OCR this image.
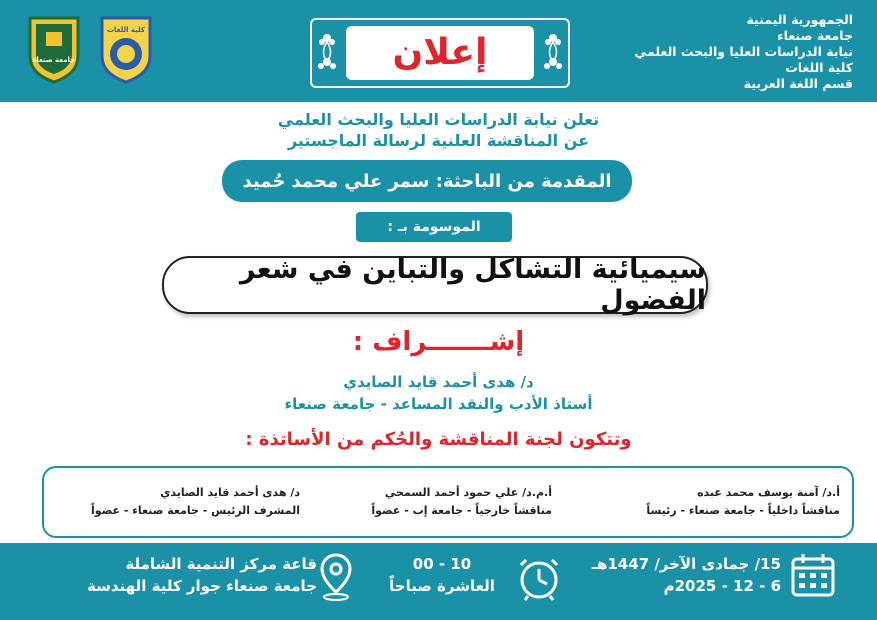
الجمهورية اليمنية
جامعة صنعاء
نيابة الدراسات العليا والبحث العلمي
كلية اللغات
قسم اللغة العربية
إعلان
جامعة صنعاء
كلية اللغات
تعلن نيابة الدراسات العليا والبحث العلمي
عن المناقشة العلنية لرسالة الماجستير
المقدمة من الباحثة: سمر علي محمد حُميد
الموسومة بـ :
سيميائية التشاكل والتباين في شعر الفضول
إشـــــــراف :
د/ هدى أحمد قايد الصايدي
أستاذ الأدب والنقد المساعد - جامعة صنعاء
وتتكون لجنة المناقشة والحُكم من الأساتذة :
أ.د/ آمنة يوسف محمد عبده
مناقشاً داخلياً - جامعة صنعاء - رئيساً
أ.م.د/ علي حمود أحمد السمحي
مناقشاً خارجياً - جامعة إب - عضواً
د/ هدى أحمد قايد الصايدي
المشرف الرئيس - جامعة صنعاء - عضواً
15/ جمادى الآخر/ 1447هـ
6 - 12 - 2025م
10 - 00
العاشرة صباحاً
قاعة مركز التنمية الشاملة
جامعة صنعاء جوار كلية الهندسة
